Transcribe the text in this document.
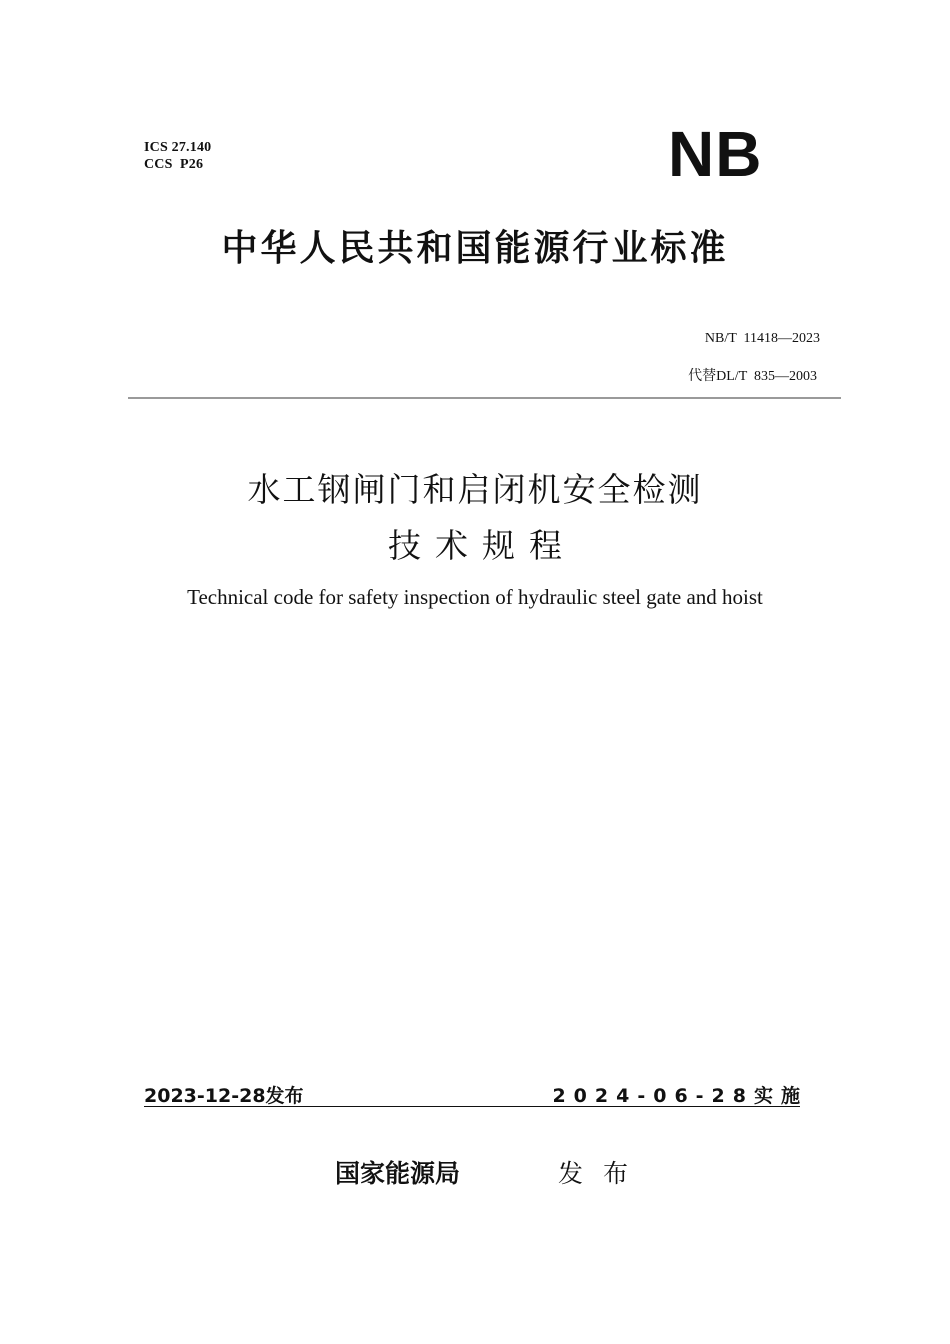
ICS 27.140
CCS  P26	NB
中华人民共和国能源行业标准
NB/T  11418—2023
代替DL/T  835—2003
水工钢闸门和启闭机安全检测
技术规程
Technical code for safety inspection of hydraulic steel gate and hoist
2023-12-28发布	2024-06-28实施
国家能源局	发布
